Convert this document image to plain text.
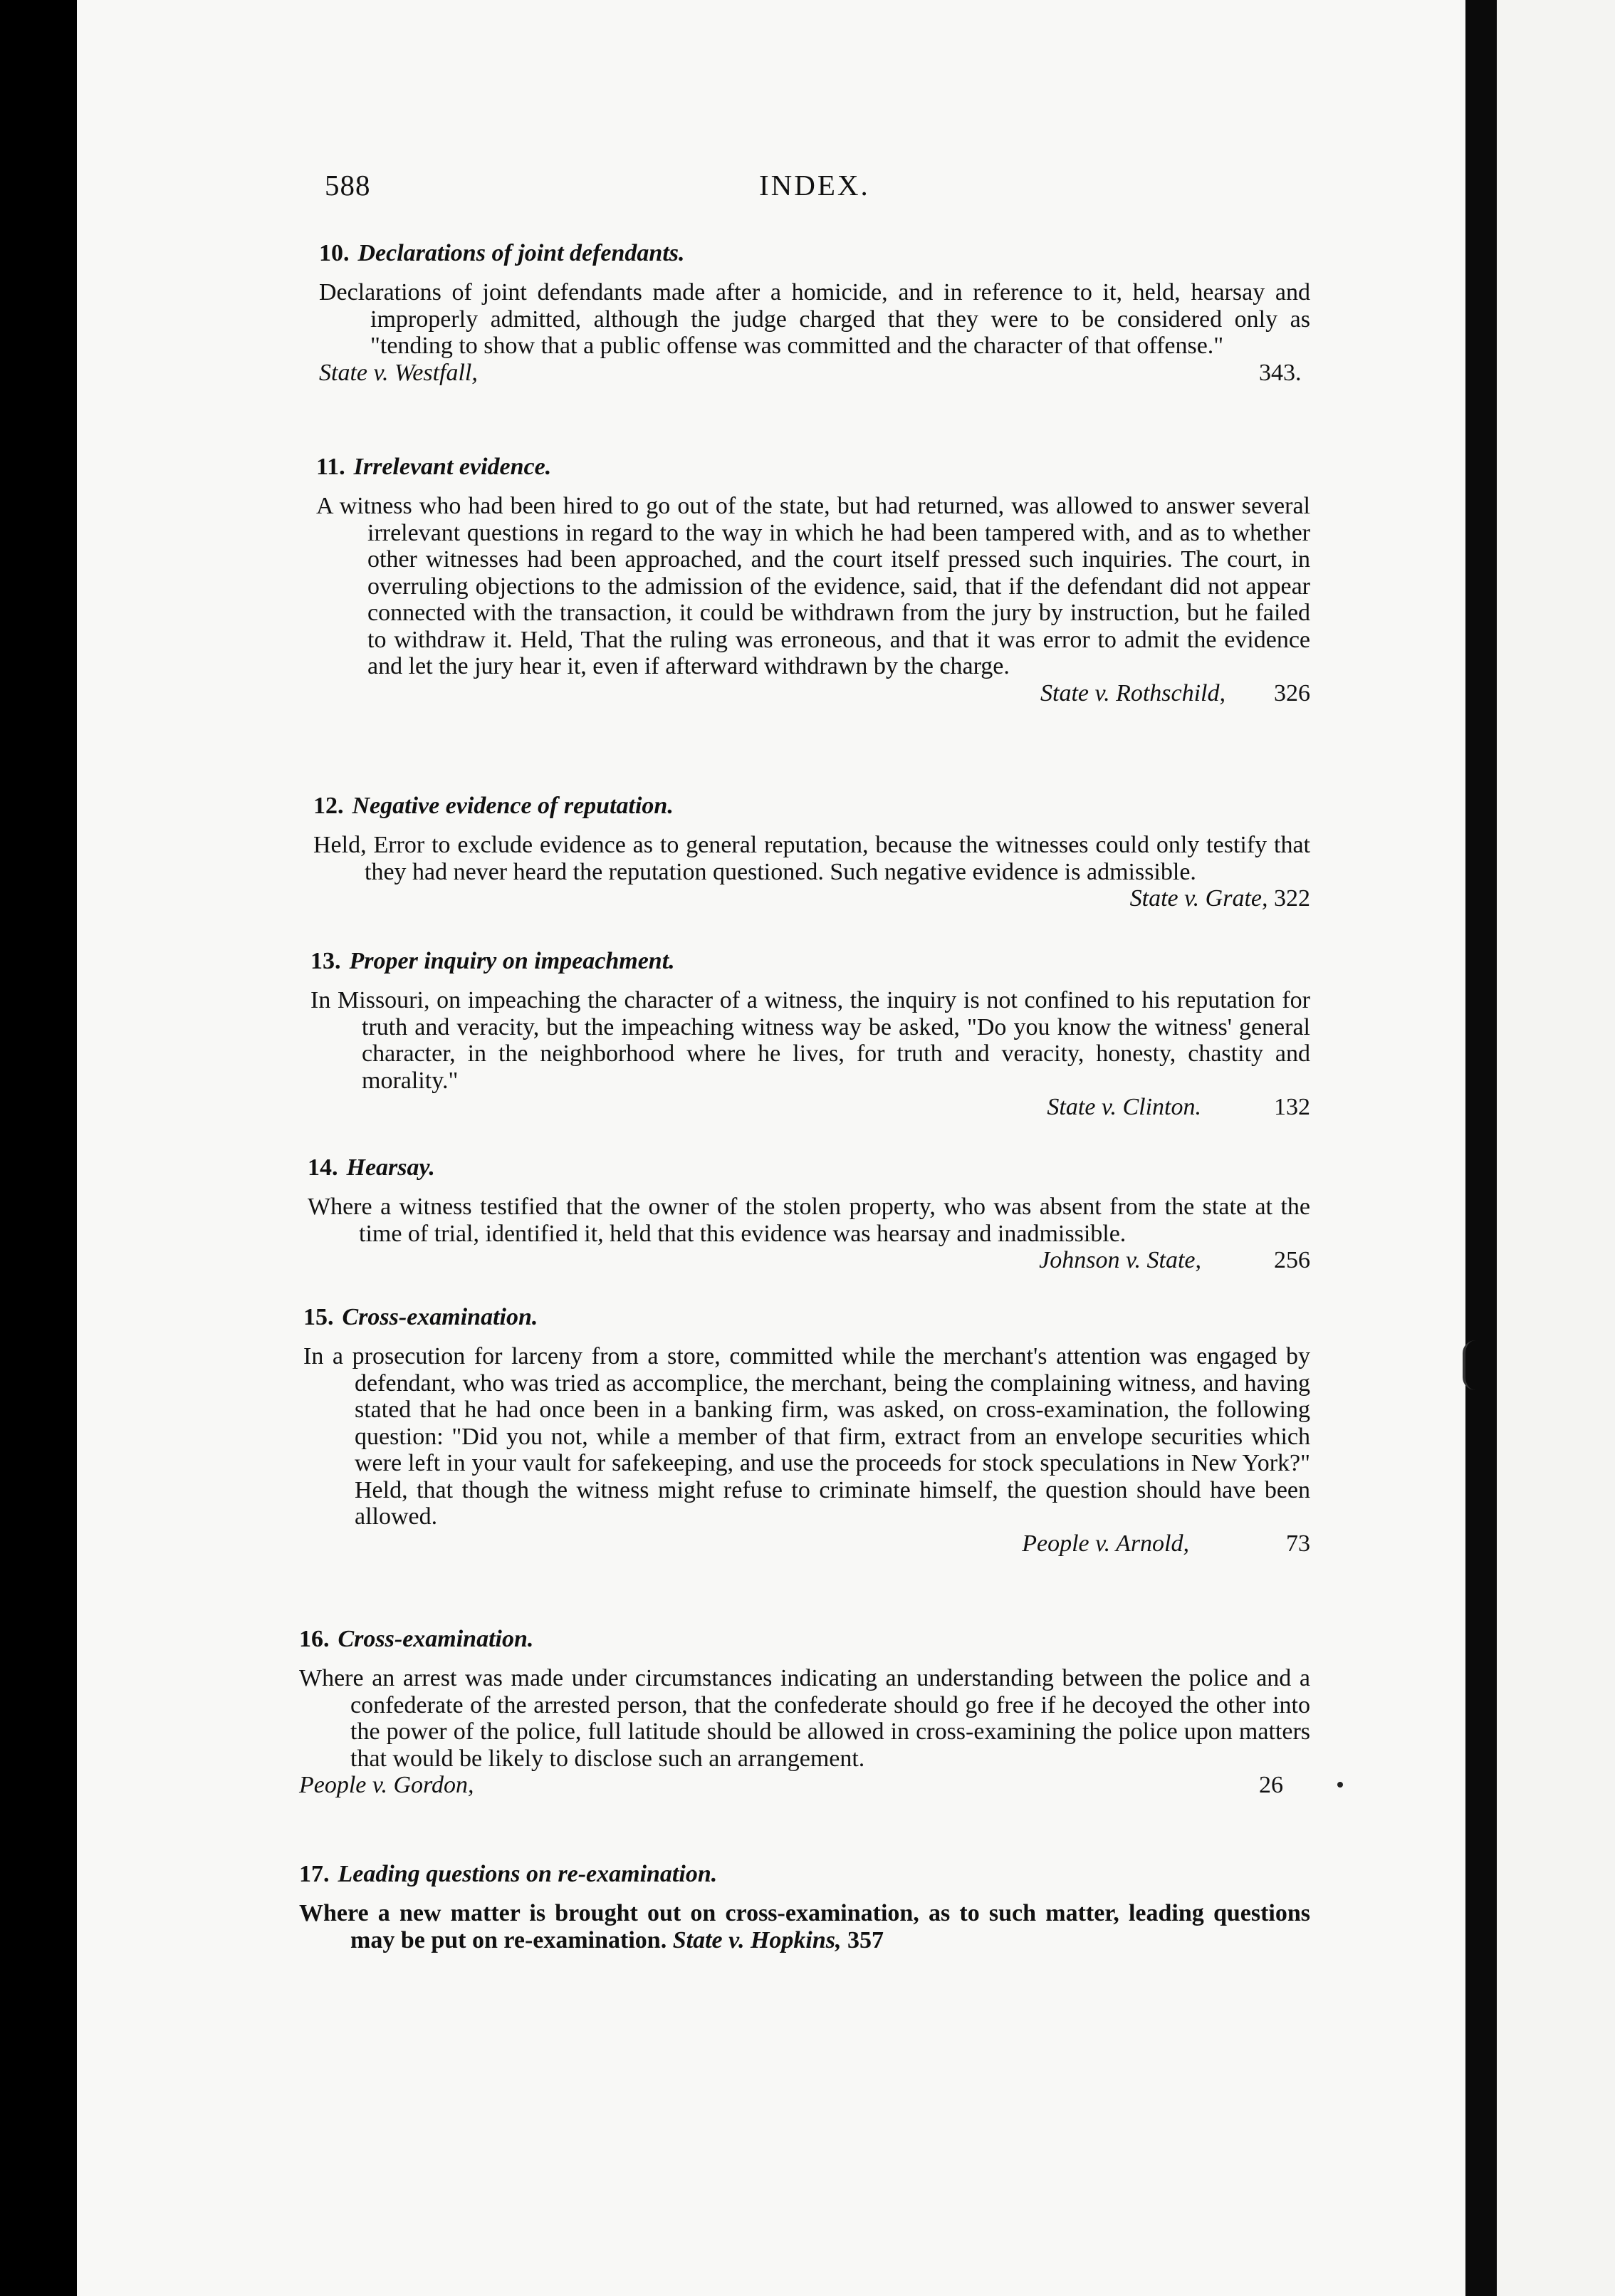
588	INDEX.
10. Declarations of joint defendants.
Declarations of joint defendants made after a homicide, and in reference to it, held, hearsay and improperly admitted, although the judge charged that they were to be considered only as "tending to show that a public offense was committed and the character of that offense."
State v. Westfall,	343.
11. Irrelevant evidence.
A witness who had been hired to go out of the state, but had returned, was allowed to answer several irrelevant questions in regard to the way in which he had been tampered with, and as to whether other witnesses had been approached, and the court itself pressed such inquiries. The court, in overruling objections to the admission of the evidence, said, that if the defendant did not appear connected with the transaction, it could be withdrawn from the jury by instruction, but he failed to withdraw it. Held, That the ruling was erroneous, and that it was error to admit the evidence and let the jury hear it, even if afterward withdrawn by the charge.
State v. Rothschild, 326
12. Negative evidence of reputation.
Held, Error to exclude evidence as to general reputation, because the witnesses could only testify that they had never heard the reputation questioned. Such negative evidence is admissible.
State v. Grate, 322
13. Proper inquiry on impeachment.
In Missouri, on impeaching the character of a witness, the inquiry is not confined to his reputation for truth and veracity, but the impeaching witness way be asked, "Do you know the witness' general character, in the neighborhood where he lives, for truth and veracity, honesty, chastity and morality."
State v. Clinton.	132
14. Hearsay.
Where a witness testified that the owner of the stolen property, who was absent from the state at the time of trial, identified it, held that this evidence was hearsay and inadmissible.
Johnson v. State,	256
15. Cross-examination.
In a prosecution for larceny from a store, committed while the merchant's attention was engaged by defendant, who was tried as accomplice, the merchant, being the complaining witness, and having stated that he had once been in a banking firm, was asked, on cross-examination, the following question: "Did you not, while a member of that firm, extract from an envelope securities which were left in your vault for safekeeping, and use the proceeds for stock speculations in New York?" Held, that though the witness might refuse to criminate himself, the question should have been allowed.
People v. Arnold,	73
16. Cross-examination.
Where an arrest was made under circumstances indicating an understanding between the police and a confederate of the arrested person, that the confederate should go free if he decoyed the other into the power of the police, full latitude should be allowed in cross-examining the police upon matters that would be likely to disclose such an arrangement.
People v. Gordon,	26
17. Leading questions on re-examination.
Where a new matter is brought out on cross-examination, as to such matter, leading questions may be put on re-examination. State v. Hopkins, 357
